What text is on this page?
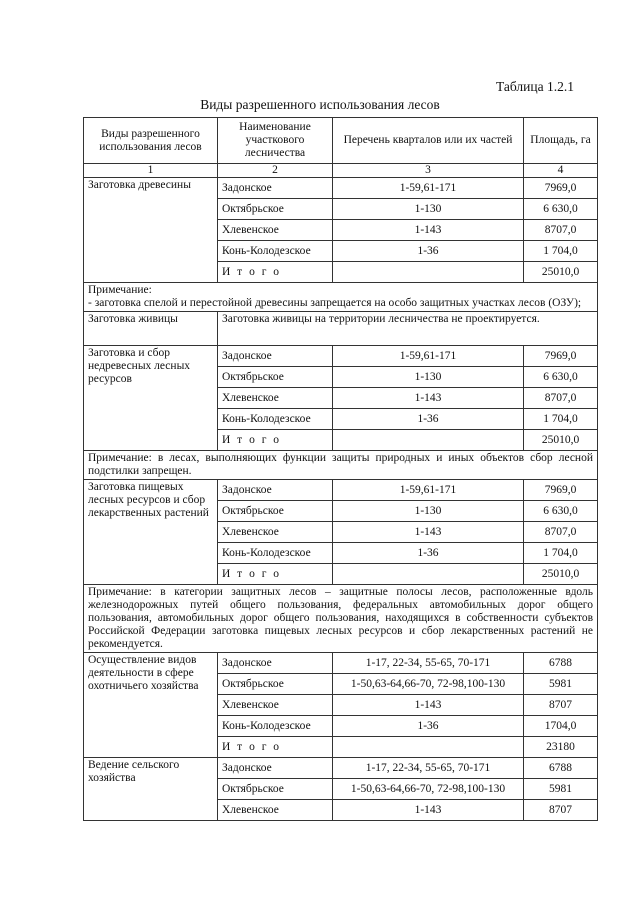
Таблица 1.2.1
Виды разрешенного использования лесов
Виды разрешенного использования лесов	Наименование участкового лесничества	Перечень кварталов или их частей	Площадь, га
1	2	3	4
Заготовка древесины	Задонское	1-59,61-171	7969,0
	Октябрьское	1-130	6 630,0
	Хлевенское	1-143	8707,0
	Конь-Колодезское	1-36	1 704,0
	И т о г о		25010,0
Примечание:
- заготовка спелой и перестойной древесины запрещается на особо защитных участках лесов (ОЗУ);			
Заготовка живицы	Заготовка живицы на территории лесничества не проектируется.		
Заготовка и сбор недревесных лесных ресурсов	Задонское	1-59,61-171	7969,0
	Октябрьское	1-130	6 630,0
	Хлевенское	1-143	8707,0
	Конь-Колодезское	1-36	1 704,0
	И т о г о		25010,0
Примечание: в лесах, выполняющих функции защиты природных и иных объектов сбор лесной подстилки запрещен.			
Заготовка пищевых лесных ресурсов и сбор лекарственных растений	Задонское	1-59,61-171	7969,0
	Октябрьское	1-130	6 630,0
	Хлевенское	1-143	8707,0
	Конь-Колодезское	1-36	1 704,0
	И т о г о		25010,0
Примечание: в категории защитных лесов – защитные полосы лесов, расположенные вдоль железнодорожных путей общего пользования, федеральных автомобильных дорог общего пользования, автомобильных дорог общего пользования, находящихся в собственности субъектов Российской Федерации заготовка пищевых лесных ресурсов и сбор лекарственных растений не рекомендуется.			
Осуществление видов деятельности в сфере охотничьего хозяйства	Задонское	1-17, 22-34, 55-65, 70-171	6788
	Октябрьское	1-50,63-64,66-70, 72-98,100-130	5981
	Хлевенское	1-143	8707
	Конь-Колодезское	1-36	1704,0
	И т о г о		23180
Ведение сельского хозяйства	Задонское	1-17, 22-34, 55-65, 70-171	6788
	Октябрьское	1-50,63-64,66-70, 72-98,100-130	5981
	Хлевенское	1-143	8707
